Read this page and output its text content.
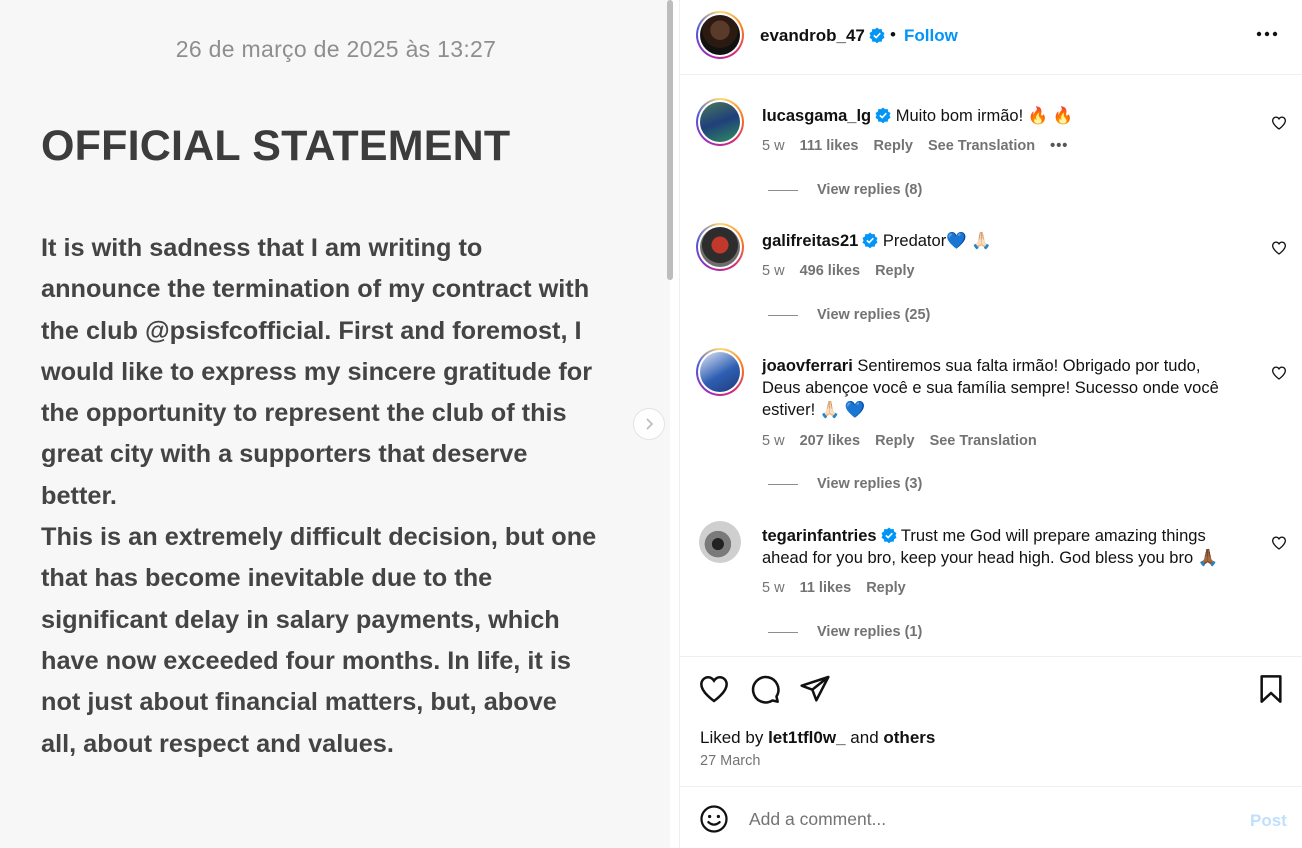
26 de março de 2025 às 13:27
OFFICIAL STATEMENT

It is with sadness that I am writing to
announce the termination of my contract with
the club @psisfcofficial. First and foremost, I
would like to express my sincere gratitude for
the opportunity to represent the club of this
great city with a supporters that deserve
better.

This is an extremely difficult decision, but one
that has become inevitable due to the
significant delay in salary payments, which
have now exceeded four months. In life, it is
not just about financial matters, but, above
all, about respect and values.

evandrob_47	• Follow
lucasgama_lg Muito bom irmão! 🔥 🔥
5 w 111 likes Reply See Translation •••
View replies (8)
galifreitas21 Predator💙 🙏🏻
5 w 496 likes Reply
View replies (25)
joaovferrari Sentiremos sua falta irmão! Obrigado por tudo, Deus abençoe você e sua família sempre! Sucesso onde você estiver! 🙏🏻 💙
5 w 207 likes Reply See Translation
View replies (3)
tegarinfantries Trust me God will prepare amazing things ahead for you bro, keep your head high. God bless you bro 🙏🏾
5 w 11 likes Reply
View replies (1)
Liked by let1tfl0w_ and others
27 March
Add a comment...
Post
